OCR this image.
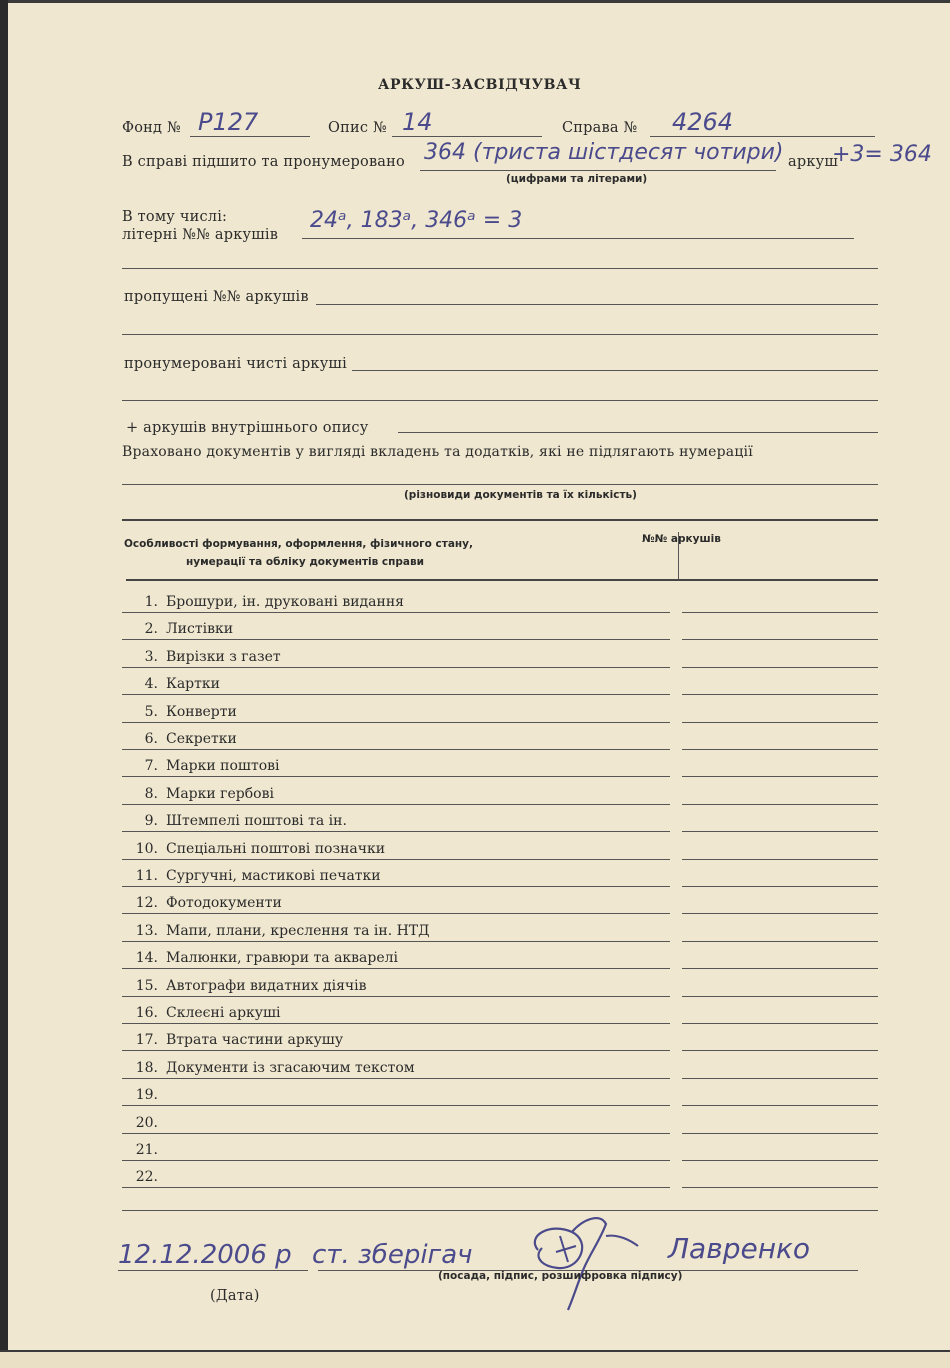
АРКУШ-ЗАСВІДЧУВАЧ
Фонд № Р127	Опис № 14	Справа № 4264
В справі підшито та пронумеровано 364 (триста шістдесят чотири) аркуш
+3= 364
(цифрами та літерами)
В тому числі:
літерні №№ аркушів
24ᵃ, 183ᵃ, 346ᵃ = 3
пропущені №№ аркушів
пронумеровані чисті аркуші
+ аркушів внутрішнього опису
Враховано документів у вигляді вкладень та додатків, які не підлягають нумерації
(різновиди документів та їх кількість)
Особливості формування, оформлення, фізичного стану,
нумерації та обліку документів справи
№№ аркушів
1. Брошури, ін. друковані видання
2. Листівки
3. Вирізки з газет
4. Картки
5. Конверти
6. Секретки
7. Марки поштові
8. Марки гербові
9. Штемпелі поштові та ін.
10. Спеціальні поштові позначки
11. Сургучні, мастикові печатки
12. Фотодокументи
13. Мапи, плани, креслення та ін. НТД
14. Малюнки, гравюри та акварелі
15. Автографи видатних діячів
16. Склеєні аркуші
17. Втрата частини аркушу
18. Документи із згасаючим текстом
19.
20.
21.
22.
12.12.2006 р
(Дата)
ст. зберігач	Лавренко
(посада, підпис, розшифровка підпису)
